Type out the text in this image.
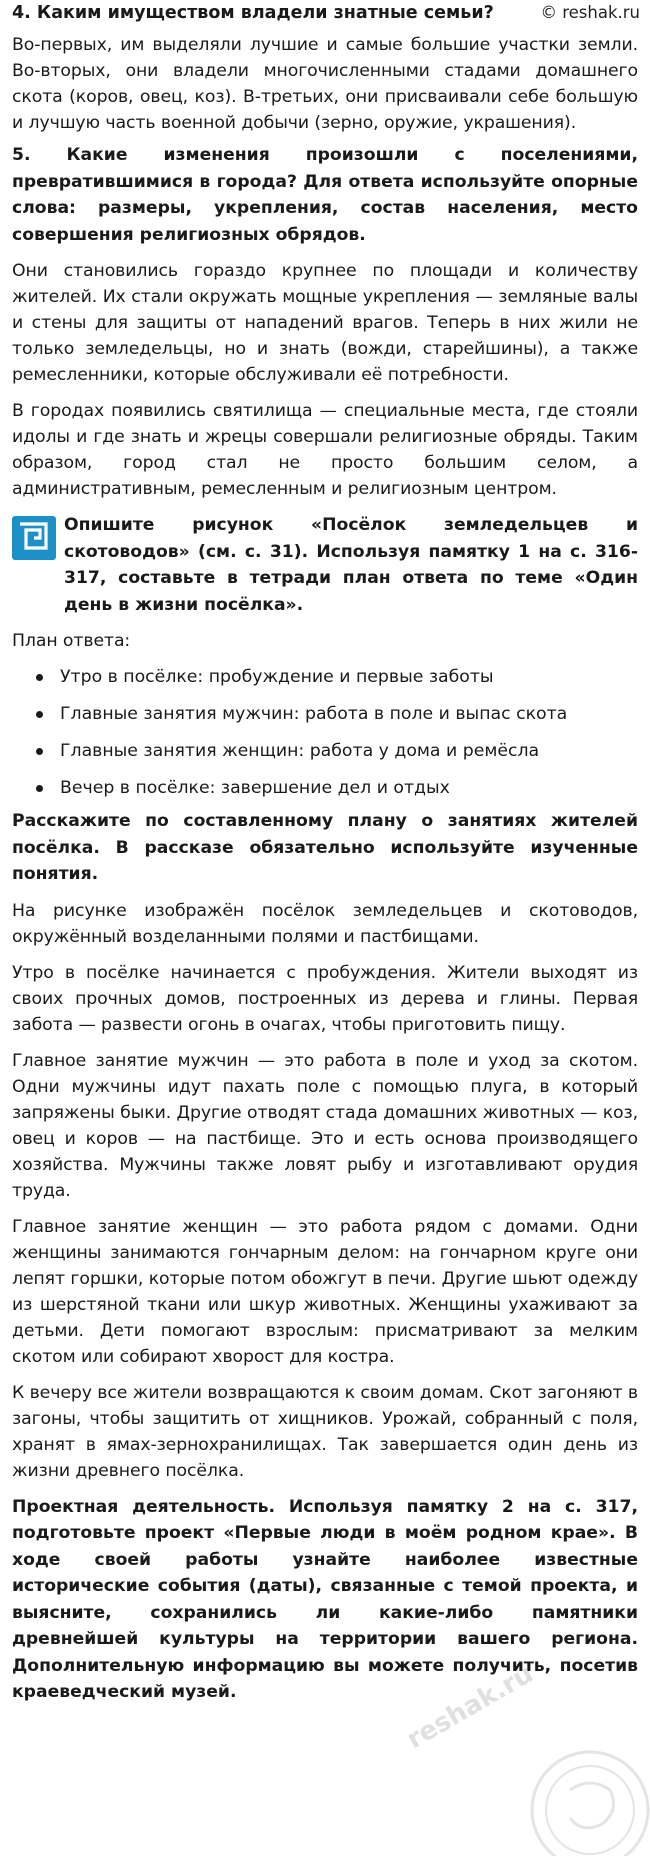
4. Каким имуществом владели знатные семьи?	© reshak.ru

Во-первых, им выделяли лучшие и самые большие участки земли. Во-вторых, они владели многочисленными стадами домашнего скота (коров, овец, коз). В-третьих, они присваивали себе большую и лучшую часть военной добычи (зерно, оружие, украшения).

5. Какие изменения произошли с поселениями, превратившимися в города? Для ответа используйте опорные слова: размеры, укрепления, состав населения, место совершения религиозных обрядов.

Они становились гораздо крупнее по площади и количеству жителей. Их стали окружать мощные укрепления — земляные валы и стены для защиты от нападений врагов. Теперь в них жили не только земледельцы, но и знать (вожди, старейшины), а также ремесленники, которые обслуживали её потребности.

В городах появились святилища — специальные места, где стояли идолы и где знать и жрецы совершали религиозные обряды. Таким образом, город стал не просто большим селом, а административным, ремесленным и религиозным центром.

Опишите рисунок «Посёлок земледельцев и скотоводов» (см. с. 31). Используя памятку 1 на с. 316-317, составьте в тетради план ответа по теме «Один день в жизни посёлка».

План ответа:

Утро в посёлке: пробуждение и первые заботы
Главные занятия мужчин: работа в поле и выпас скота
Главные занятия женщин: работа у дома и ремёсла
Вечер в посёлке: завершение дел и отдых
Расскажите по составленному плану о занятиях жителей посёлка. В рассказе обязательно используйте изученные понятия.

На рисунке изображён посёлок земледельцев и скотоводов, окружённый возделанными полями и пастбищами.

Утро в посёлке начинается с пробуждения. Жители выходят из своих прочных домов, построенных из дерева и глины. Первая забота — развести огонь в очагах, чтобы приготовить пищу.

Главное занятие мужчин — это работа в поле и уход за скотом. Одни мужчины идут пахать поле с помощью плуга, в который запряжены быки. Другие отводят стада домашних животных — коз, овец и коров — на пастбище. Это и есть основа производящего хозяйства. Мужчины также ловят рыбу и изготавливают орудия труда.

Главное занятие женщин — это работа рядом с домами. Одни женщины занимаются гончарным делом: на гончарном круге они лепят горшки, которые потом обожгут в печи. Другие шьют одежду из шерстяной ткани или шкур животных. Женщины ухаживают за детьми. Дети помогают взрослым: присматривают за мелким скотом или собирают хворост для костра.

К вечеру все жители возвращаются к своим домам. Скот загоняют в загоны, чтобы защитить от хищников. Урожай, собранный с поля, хранят в ямах-зернохранилищах. Так завершается один день из жизни древнего посёлка.

Проектная деятельность. Используя памятку 2 на с. 317, подготовьте проект «Первые люди в моём родном крае». В ходе своей работы узнайте наиболее известные исторические события (даты), связанные с темой проекта, и выясните, сохранились ли какие-либо памятники древнейшей культуры на территории вашего региона. Дополнительную информацию вы можете получить, посетив краеведческий музей.	reshak.ru
